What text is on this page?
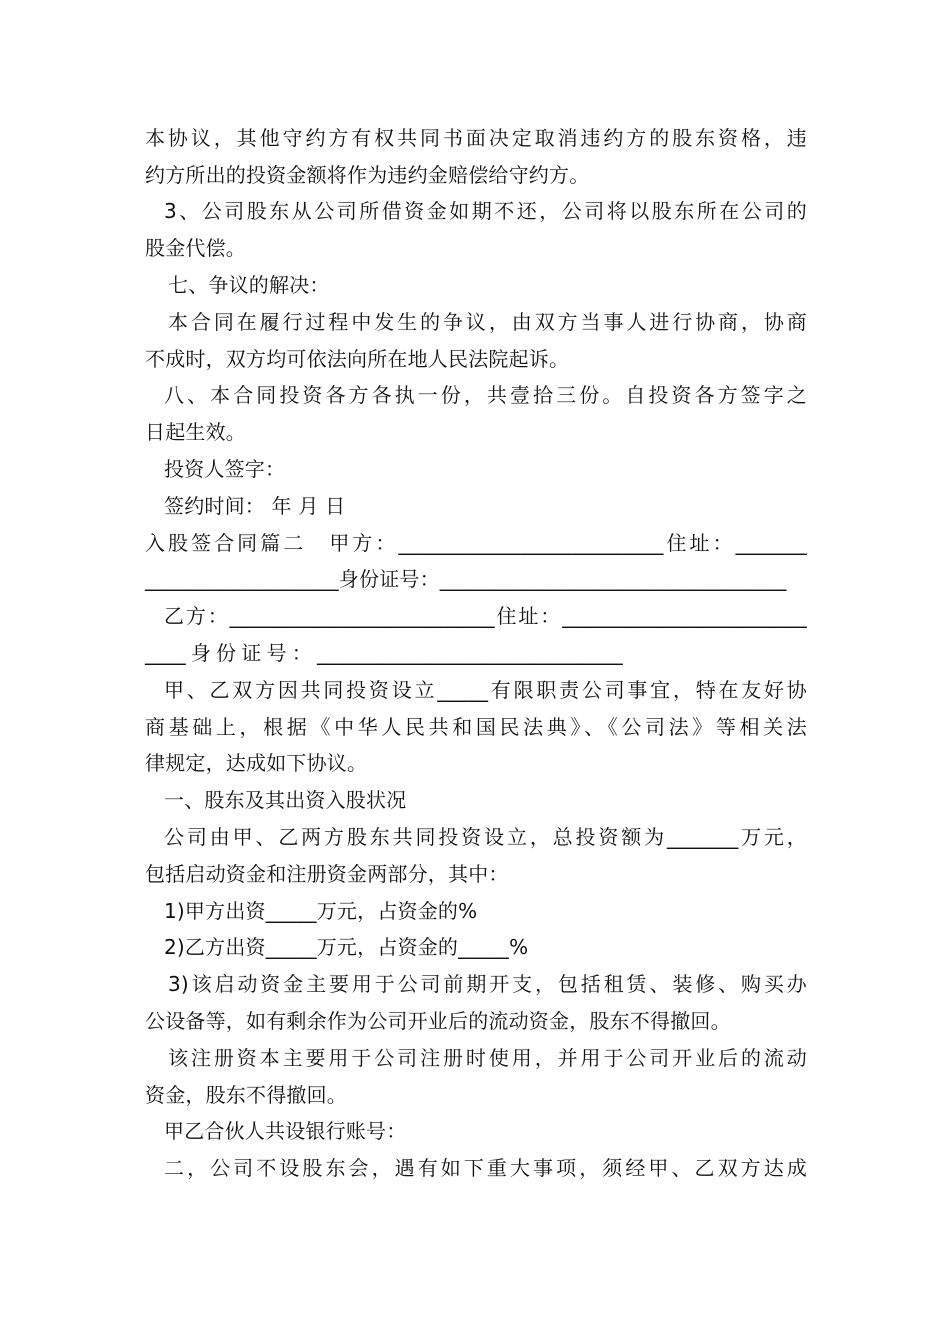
本协议，其他守约方有权共同书面决定取消违约方的股东资格，违
约方所出的投资金额将作为违约金赔偿给守约方。
3、公司股东从公司所借资金如期不还，公司将以股东所在公司的
股金代偿。
七、争议的解决：
本合同在履行过程中发生的争议，由双方当事人进行协商，协商
不成时，双方均可依法向所在地人民法院起诉。
八、本合同投资各方各执一份，共壹拾三份。自投资各方签字之
日起生效。
投资人签字：
签约时间： 年 月 日
入股签合同篇二　甲方：__________________________住址：_______
___________________身份证号：__________________________________
乙方：__________________________住址：________________________
____身份证号：______________________________
甲、乙双方因共同投资设立_____有限职责公司事宜，特在友好协
商基础上，根据《中华人民共和国民法典》、《公司法》等相关法
律规定，达成如下协议。
一、股东及其出资入股状况
公司由甲、乙两方股东共同投资设立，总投资额为_______万元，
包括启动资金和注册资金两部分，其中：
1)甲方出资_____万元，占资金的%
2)乙方出资_____万元，占资金的_____%
3)该启动资金主要用于公司前期开支，包括租赁、装修、购买办
公设备等，如有剩余作为公司开业后的流动资金，股东不得撤回。
该注册资本主要用于公司注册时使用，并用于公司开业后的流动
资金，股东不得撤回。
甲乙合伙人共设银行账号：
二，公司不设股东会，遇有如下重大事项，须经甲、乙双方达成
